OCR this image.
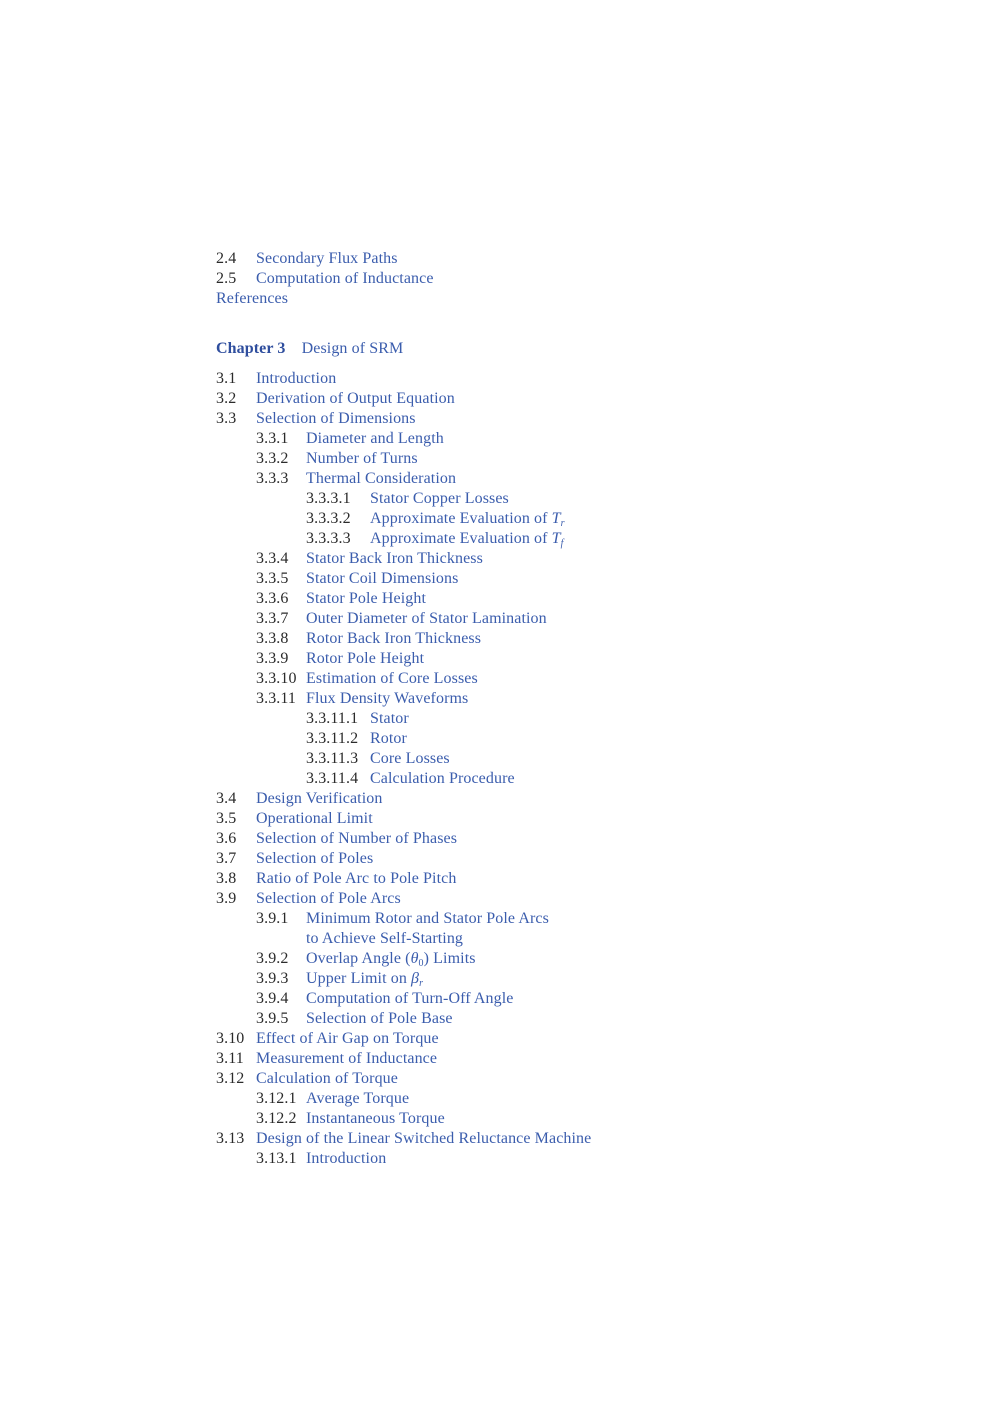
2.4 Secondary Flux Paths
2.5 Computation of Inductance
References
Chapter 3 Design of SRM
3.1 Introduction
3.2 Derivation of Output Equation
3.3 Selection of Dimensions
3.3.1 Diameter and Length
3.3.2 Number of Turns
3.3.3 Thermal Consideration
3.3.3.1 Stator Copper Losses
3.3.3.2 Approximate Evaluation of $T_r$
3.3.3.3 Approximate Evaluation of $T_f$
3.3.4 Stator Back Iron Thickness
3.3.5 Stator Coil Dimensions
3.3.6 Stator Pole Height
3.3.7 Outer Diameter of Stator Lamination
3.3.8 Rotor Back Iron Thickness
3.3.9 Rotor Pole Height
3.3.10 Estimation of Core Losses
3.3.11 Flux Density Waveforms
3.3.11.1 Stator
3.3.11.2 Rotor
3.3.11.3 Core Losses
3.3.11.4 Calculation Procedure
3.4 Design Verification
3.5 Operational Limit
3.6 Selection of Number of Phases
3.7 Selection of Poles
3.8 Ratio of Pole Arc to Pole Pitch
3.9 Selection of Pole Arcs
3.9.1 Minimum Rotor and Stator Pole Arcs
to Achieve Self-Starting
3.9.2 Overlap Angle $(\theta_0)$ Limits
3.9.3 Upper Limit on $\beta_r$
3.9.4 Computation of Turn-Off Angle
3.9.5 Selection of Pole Base
3.10 Effect of Air Gap on Torque
3.11 Measurement of Inductance
3.12 Calculation of Torque
3.12.1 Average Torque
3.12.2 Instantaneous Torque
3.13 Design of the Linear Switched Reluctance Machine
3.13.1 Introduction
